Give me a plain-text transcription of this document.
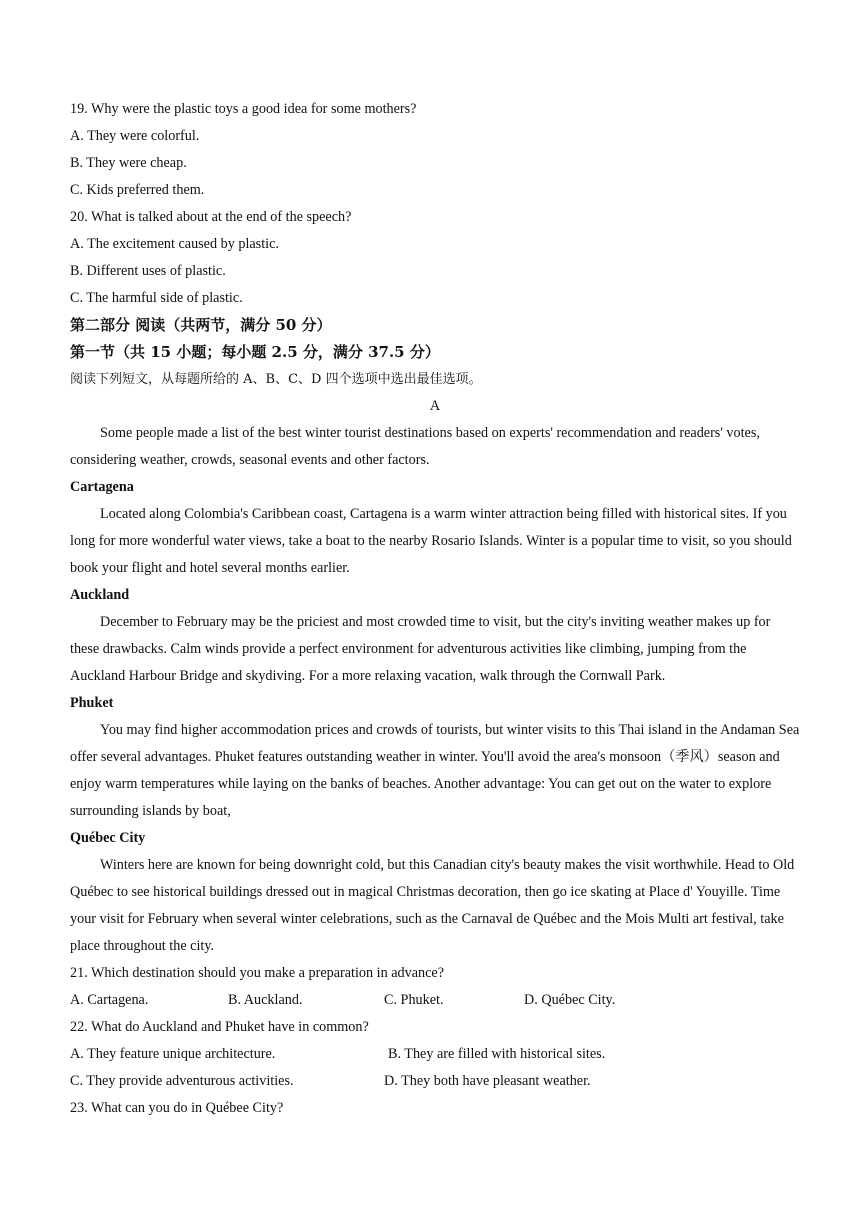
19. Why were the plastic toys a good idea for some mothers?
A. They were colorful.
B. They were cheap.
C. Kids preferred them.
20. What is talked about at the end of the speech?
A. The excitement caused by plastic.
B. Different uses of plastic.
C. The harmful side of plastic.
第二部分 阅读（共两节，满分 50 分）
第一节（共 15 小题；每小题 2.5 分，满分 37.5 分）
阅读下列短文，从每题所给的 A、B、C、D 四个选项中选出最佳选项。
A
Some people made a list of the best winter tourist destinations based on experts' recommendation and readers' votes, considering weather, crowds, seasonal events and other factors.
Cartagena
Located along Colombia's Caribbean coast, Cartagena is a warm winter attraction being filled with historical sites. If you long for more wonderful water views, take a boat to the nearby Rosario Islands. Winter is a popular time to visit, so you should book your flight and hotel several months earlier.
Auckland
December to February may be the priciest and most crowded time to visit, but the city's inviting weather makes up for these drawbacks. Calm winds provide a perfect environment for adventurous activities like climbing, jumping from the Auckland Harbour Bridge and skydiving. For a more relaxing vacation, walk through the Cornwall Park.
Phuket
You may find higher accommodation prices and crowds of tourists, but winter visits to this Thai island in the Andaman Sea offer several advantages. Phuket features outstanding weather in winter. You'll avoid the area's monsoon（季风）season and enjoy warm temperatures while laying on the banks of beaches. Another advantage: You can get out on the water to explore surrounding islands by boat,
Québec City
Winters here are known for being downright cold, but this Canadian city's beauty makes the visit worthwhile. Head to Old Québec to see historical buildings dressed out in magical Christmas decoration, then go ice skating at Place d' Youyille. Time your visit for February when several winter celebrations, such as the Carnaval de Québec and the Mois Multi art festival, take place throughout the city.
21. Which destination should you make a preparation in advance?
A. Cartagena.	B. Auckland.	C. Phuket.	D. Québec City.
22. What do Auckland and Phuket have in common?
A. They feature unique architecture.	B. They are filled with historical sites.
C. They provide adventurous activities.	D. They both have pleasant weather.
23. What can you do in Québee City?
